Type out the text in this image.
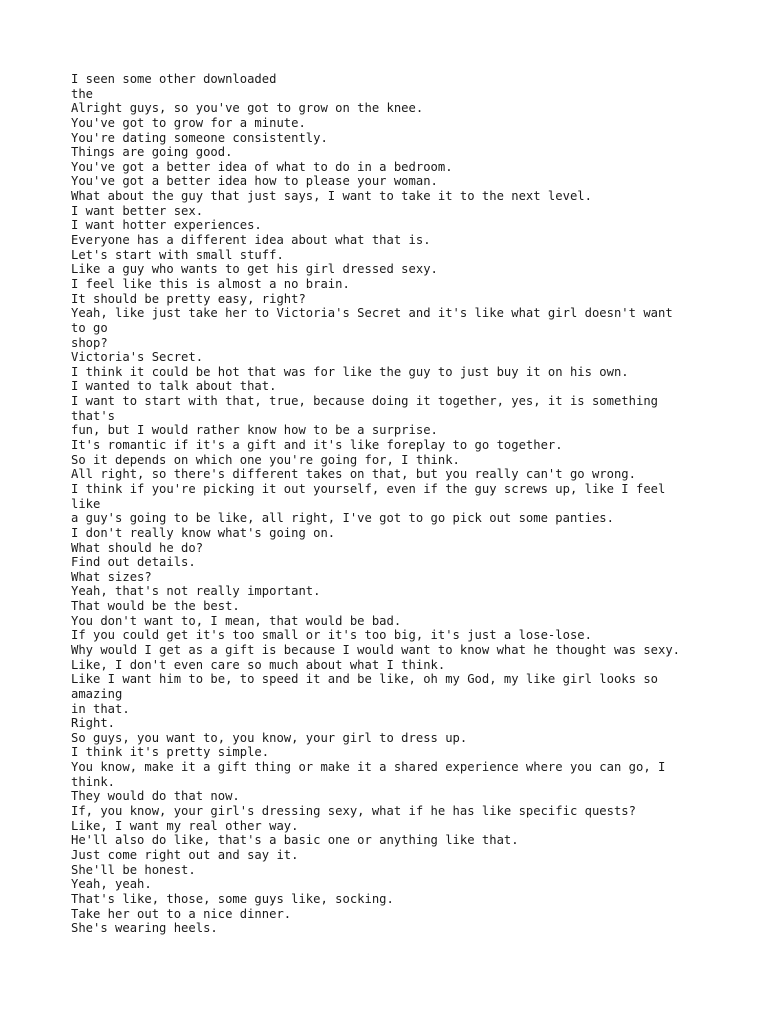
I seen some other downloaded
the
Alright guys, so you've got to grow on the knee.
You've got to grow for a minute.
You're dating someone consistently.
Things are going good.
You've got a better idea of what to do in a bedroom.
You've got a better idea how to please your woman.
What about the guy that just says, I want to take it to the next level.
I want better sex.
I want hotter experiences.
Everyone has a different idea about what that is.
Let's start with small stuff.
Like a guy who wants to get his girl dressed sexy.
I feel like this is almost a no brain.
It should be pretty easy, right?
Yeah, like just take her to Victoria's Secret and it's like what girl doesn't want
to go
shop?
Victoria's Secret.
I think it could be hot that was for like the guy to just buy it on his own.
I wanted to talk about that.
I want to start with that, true, because doing it together, yes, it is something
that's
fun, but I would rather know how to be a surprise.
It's romantic if it's a gift and it's like foreplay to go together.
So it depends on which one you're going for, I think.
All right, so there's different takes on that, but you really can't go wrong.
I think if you're picking it out yourself, even if the guy screws up, like I feel
like
a guy's going to be like, all right, I've got to go pick out some panties.
I don't really know what's going on.
What should he do?
Find out details.
What sizes?
Yeah, that's not really important.
That would be the best.
You don't want to, I mean, that would be bad.
If you could get it's too small or it's too big, it's just a lose-lose.
Why would I get as a gift is because I would want to know what he thought was sexy.
Like, I don't even care so much about what I think.
Like I want him to be, to speed it and be like, oh my God, my like girl looks so
amazing
in that.
Right.
So guys, you want to, you know, your girl to dress up.
I think it's pretty simple.
You know, make it a gift thing or make it a shared experience where you can go, I
think.
They would do that now.
If, you know, your girl's dressing sexy, what if he has like specific quests?
Like, I want my real other way.
He'll also do like, that's a basic one or anything like that.
Just come right out and say it.
She'll be honest.
Yeah, yeah.
That's like, those, some guys like, socking.
Take her out to a nice dinner.
She's wearing heels.
